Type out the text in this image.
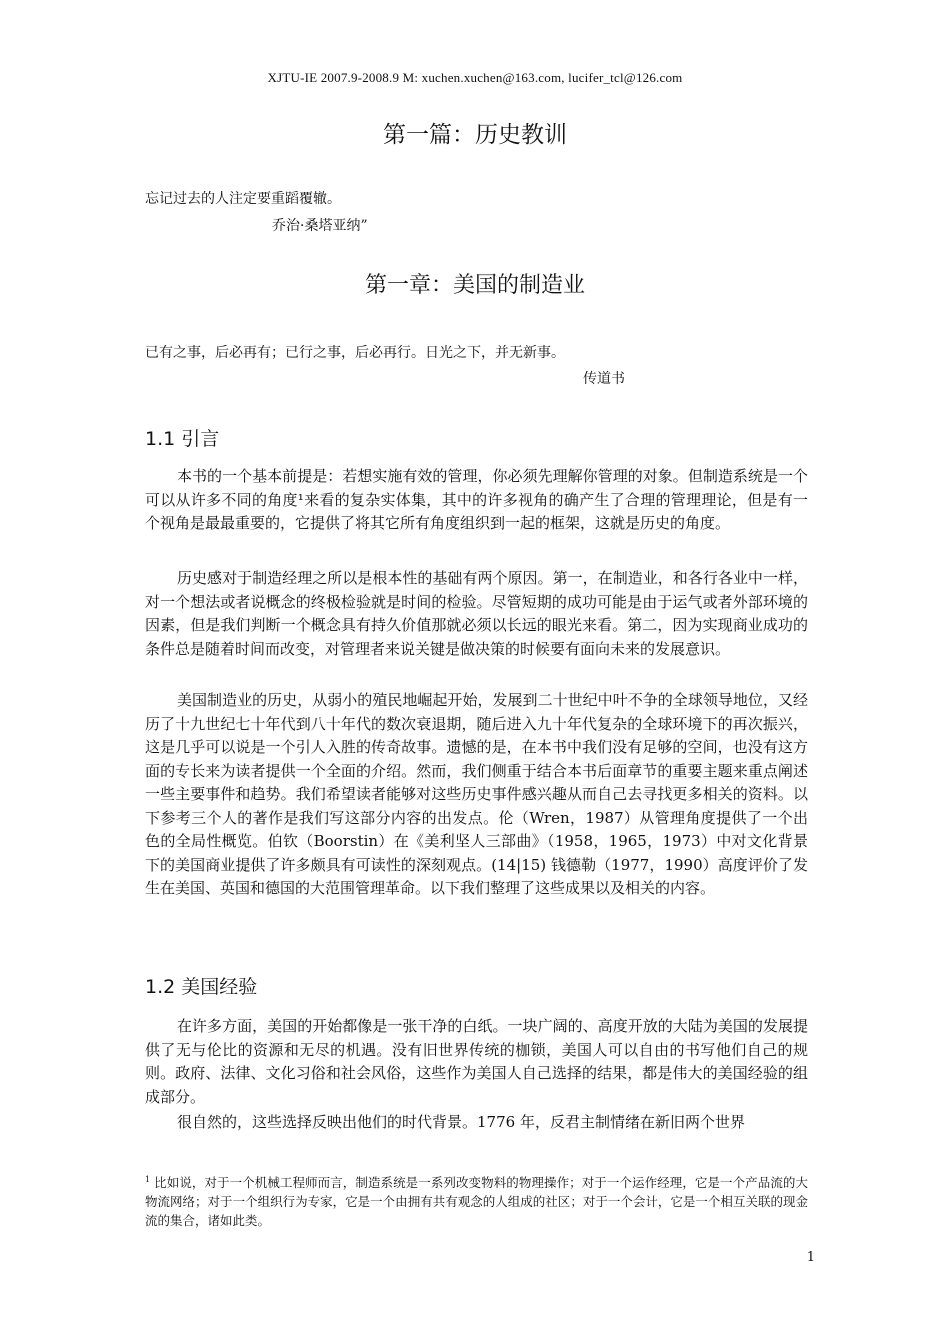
XJTU-IE 2007.9-2008.9 M: xuchen.xuchen@163.com, lucifer_tcl@126.com
第一篇：历史教训
忘记过去的人注定要重蹈覆辙。
乔治·桑塔亚纳”
第一章：美国的制造业
已有之事，后必再有；已行之事，后必再行。日光之下，并无新事。
传道书
1.1 引言
本书的一个基本前提是：若想实施有效的管理，你必须先理解你管理的对象。但制造系统是一个可以从许多不同的角度¹来看的复杂实体集，其中的许多视角的确产生了合理的管理理论，但是有一个视角是最最重要的，它提供了将其它所有角度组织到一起的框架，这就是历史的角度。
历史感对于制造经理之所以是根本性的基础有两个原因。第一，在制造业，和各行各业中一样，对一个想法或者说概念的终极检验就是时间的检验。尽管短期的成功可能是由于运气或者外部环境的因素，但是我们判断一个概念具有持久价值那就必须以长远的眼光来看。第二，因为实现商业成功的条件总是随着时间而改变，对管理者来说关键是做决策的时候要有面向未来的发展意识。
美国制造业的历史，从弱小的殖民地崛起开始，发展到二十世纪中叶不争的全球领导地位，又经历了十九世纪七十年代到八十年代的数次衰退期，随后进入九十年代复杂的全球环境下的再次振兴，这是几乎可以说是一个引人入胜的传奇故事。遗憾的是，在本书中我们没有足够的空间，也没有这方面的专长来为读者提供一个全面的介绍。然而，我们侧重于结合本书后面章节的重要主题来重点阐述一些主要事件和趋势。我们希望读者能够对这些历史事件感兴趣从而自己去寻找更多相关的资料。以下参考三个人的著作是我们写这部分内容的出发点。伦（Wren，1987）从管理角度提供了一个出色的全局性概览。伯钦（Boorstin）在《美利坚人三部曲》（1958，1965，1973）中对文化背景下的美国商业提供了许多颇具有可读性的深刻观点。(14|15) 钱德勒（1977，1990）高度评价了发生在美国、英国和德国的大范围管理革命。以下我们整理了这些成果以及相关的内容。
1.2 美国经验
在许多方面，美国的开始都像是一张干净的白纸。一块广阔的、高度开放的大陆为美国的发展提供了无与伦比的资源和无尽的机遇。没有旧世界传统的枷锁，美国人可以自由的书写他们自己的规则。政府、法律、文化习俗和社会风俗，这些作为美国人自己选择的结果，都是伟大的美国经验的组成部分。
很自然的，这些选择反映出他们的时代背景。1776 年，反君主制情绪在新旧两个世界
$^1$ 比如说，对于一个机械工程师而言，制造系统是一系列改变物料的物理操作；对于一个运作经理，它是一个产品流的大物流网络；对于一个组织行为专家，它是一个由拥有共有观念的人组成的社区；对于一个会计，它是一个相互关联的现金流的集合，诸如此类。
1
